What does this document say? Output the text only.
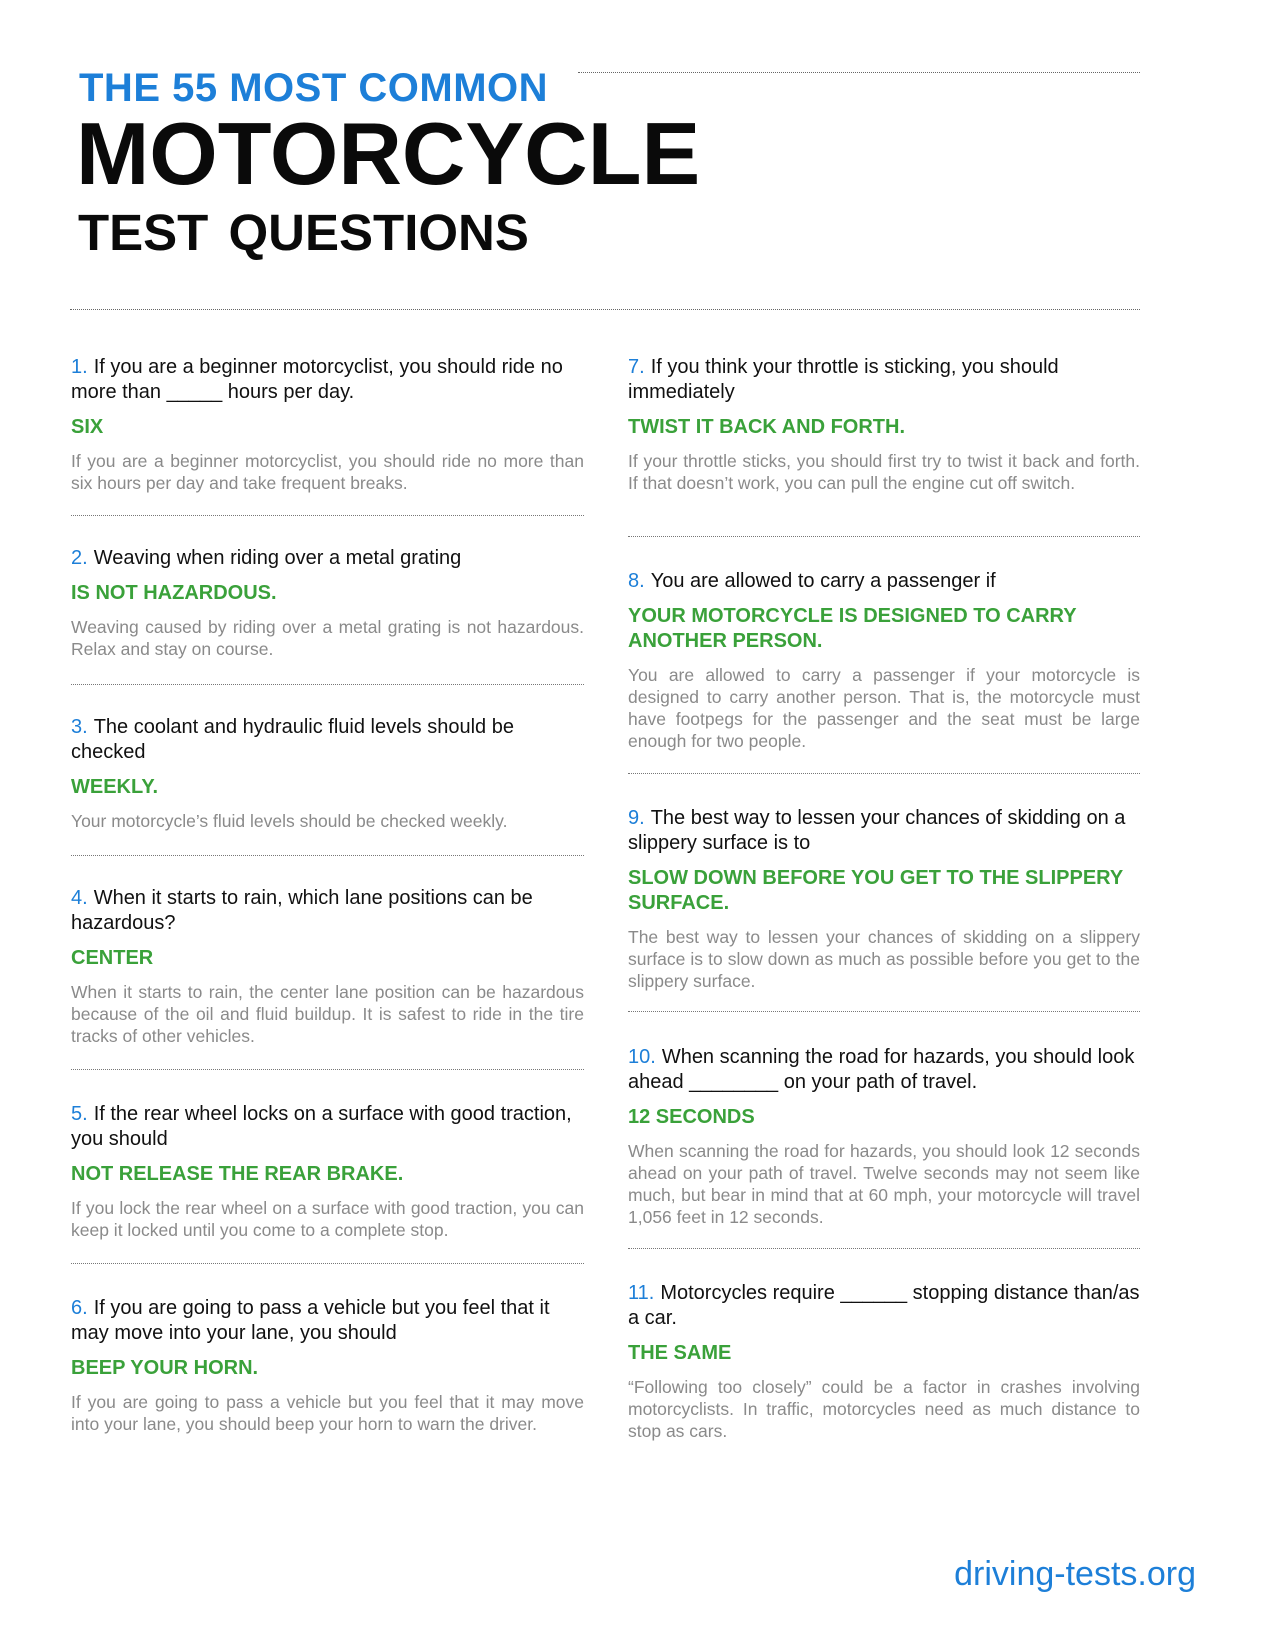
THE 55 MOST COMMON
MOTORCYCLE
TEST QUESTIONS

1. If you are a beginner motorcyclist, you should ride no more than _____ hours per day.

SIX

If you are a beginner motorcyclist, you should ride no more than six hours per day and take frequent breaks.

2. Weaving when riding over a metal grating

IS NOT HAZARDOUS.

Weaving caused by riding over a metal grating is not hazardous. Relax and stay on course.

3. The coolant and hydraulic fluid levels should be checked

WEEKLY.

Your motorcycle’s fluid levels should be checked weekly.

4. When it starts to rain, which lane positions can be hazardous?

CENTER

When it starts to rain, the center lane position can be hazardous because of the oil and fluid buildup. It is safest to ride in the tire tracks of other vehicles.

5. If the rear wheel locks on a surface with good traction, you should

NOT RELEASE THE REAR BRAKE.

If you lock the rear wheel on a surface with good traction, you can keep it locked until you come to a complete stop.

6. If you are going to pass a vehicle but you feel that it may move into your lane, you should

BEEP YOUR HORN.

If you are going to pass a vehicle but you feel that it may move into your lane, you should beep your horn to warn the driver.

7. If you think your throttle is sticking, you should immediately

TWIST IT BACK AND FORTH.

If your throttle sticks, you should first try to twist it back and forth. If that doesn’t work, you can pull the engine cut off switch.

8. You are allowed to carry a passenger if

YOUR MOTORCYCLE IS DESIGNED TO CARRY ANOTHER PERSON.

You are allowed to carry a passenger if your motorcycle is designed to carry another person. That is, the motorcycle must have footpegs for the passenger and the seat must be large enough for two people.

9. The best way to lessen your chances of skidding on a slippery surface is to

SLOW DOWN BEFORE YOU GET TO THE SLIPPERY SURFACE.

The best way to lessen your chances of skidding on a slippery surface is to slow down as much as possible before you get to the slippery surface.

10. When scanning the road for hazards, you should look ahead ________ on your path of travel.

12 SECONDS

When scanning the road for hazards, you should look 12 seconds ahead on your path of travel. Twelve seconds may not seem like much, but bear in mind that at 60 mph, your motorcycle will travel 1,056 feet in 12 seconds.

11. Motorcycles require ______ stopping distance than/as a car.

THE SAME

“Following too closely” could be a factor in crashes involving motorcyclists. In traffic, motorcycles need as much distance to stop as cars.

driving-tests.org
